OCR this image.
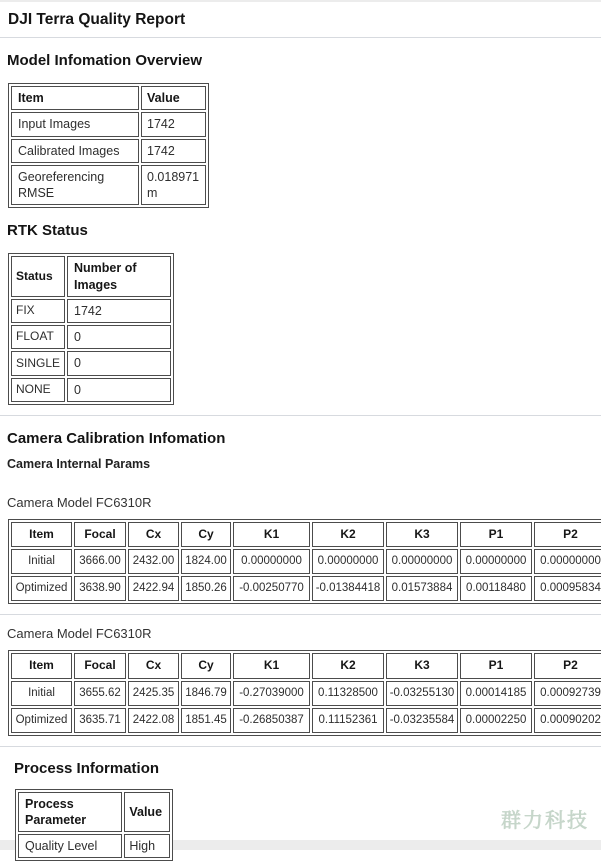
DJI Terra Quality Report
Model Infomation Overview
Item	Value
Input Images	1742
Calibrated Images	1742
Georeferencing RMSE	0.018971 m
RTK Status
Status	Number of Images
FIX	1742
FLOAT	0
SINGLE	0
NONE	0
Camera Calibration Infomation
Camera Internal Params
Camera Model FC6310R
Item	Focal	Cx	Cy	K1	K2	K3	P1	P2
Initial	3666.00	2432.00	1824.00	0.00000000	0.00000000	0.00000000	0.00000000	0.00000000
Optimized	3638.90	2422.94	1850.26	-0.00250770	-0.01384418	0.01573884	0.00118480	0.00095834
Camera Model FC6310R
Item	Focal	Cx	Cy	K1	K2	K3	P1	P2
Initial	3655.62	2425.35	1846.79	-0.27039000	0.11328500	-0.03255130	0.00014185	0.00092739
Optimized	3635.71	2422.08	1851.45	-0.26850387	0.11152361	-0.03235584	0.00002250	0.00090202
Process Information
Process Parameter	Value
Quality Level	High
群力科技
